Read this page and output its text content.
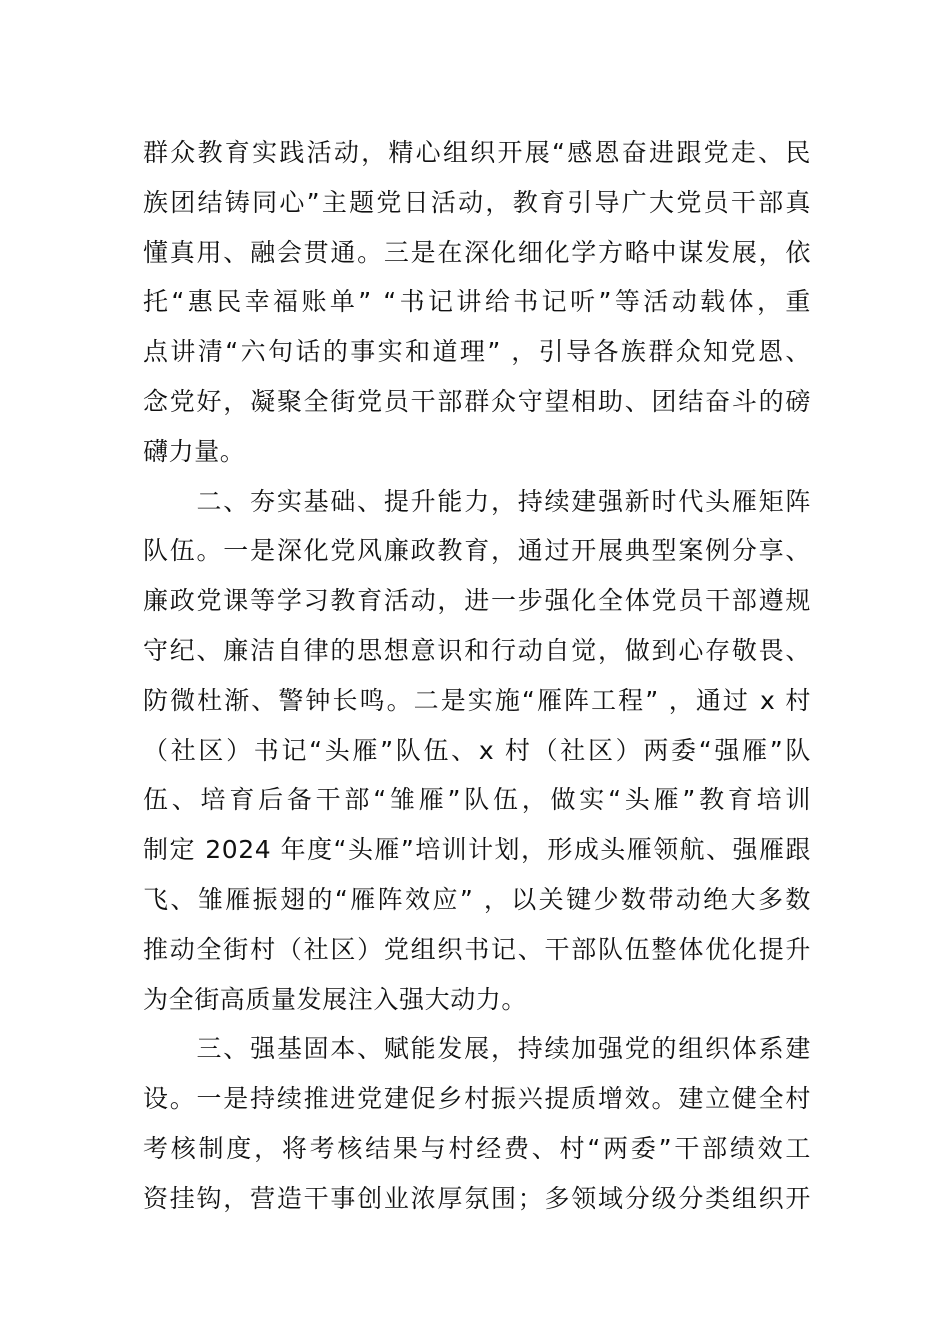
群众教育实践活动，精心组织开展“感恩奋进跟党走、民
族团结铸同心”主题党日活动，教育引导广大党员干部真
懂真用、融会贯通。三是在深化细化学方略中谋发展，依
托“惠民幸福账单” “书记讲给书记听”等活动载体，重
点讲清“六句话的事实和道理” ，引导各族群众知党恩、
念党好，凝聚全街党员干部群众守望相助、团结奋斗的磅
礴力量。
　　二、夯实基础、提升能力，持续建强新时代头雁矩阵
队伍。一是深化党风廉政教育，通过开展典型案例分享、
廉政党课等学习教育活动，进一步强化全体党员干部遵规
守纪、廉洁自律的思想意识和行动自觉，做到心存敬畏、
防微杜渐、警钟长鸣。二是实施“雁阵工程” ，通过 x 村
（社区）书记“头雁”队伍、x 村（社区）两委“强雁”队
伍、培育后备干部“雏雁”队伍，做实“头雁”教育培训
制定 2024 年度“头雁”培训计划，形成头雁领航、强雁跟
飞、雏雁振翅的“雁阵效应” ，以关键少数带动绝大多数
推动全街村（社区）党组织书记、干部队伍整体优化提升
为全街高质量发展注入强大动力。
　　三、强基固本、赋能发展，持续加强党的组织体系建
设。一是持续推进党建促乡村振兴提质增效。建立健全村
考核制度，将考核结果与村经费、村“两委”干部绩效工
资挂钩，营造干事创业浓厚氛围；多领域分级分类组织开
